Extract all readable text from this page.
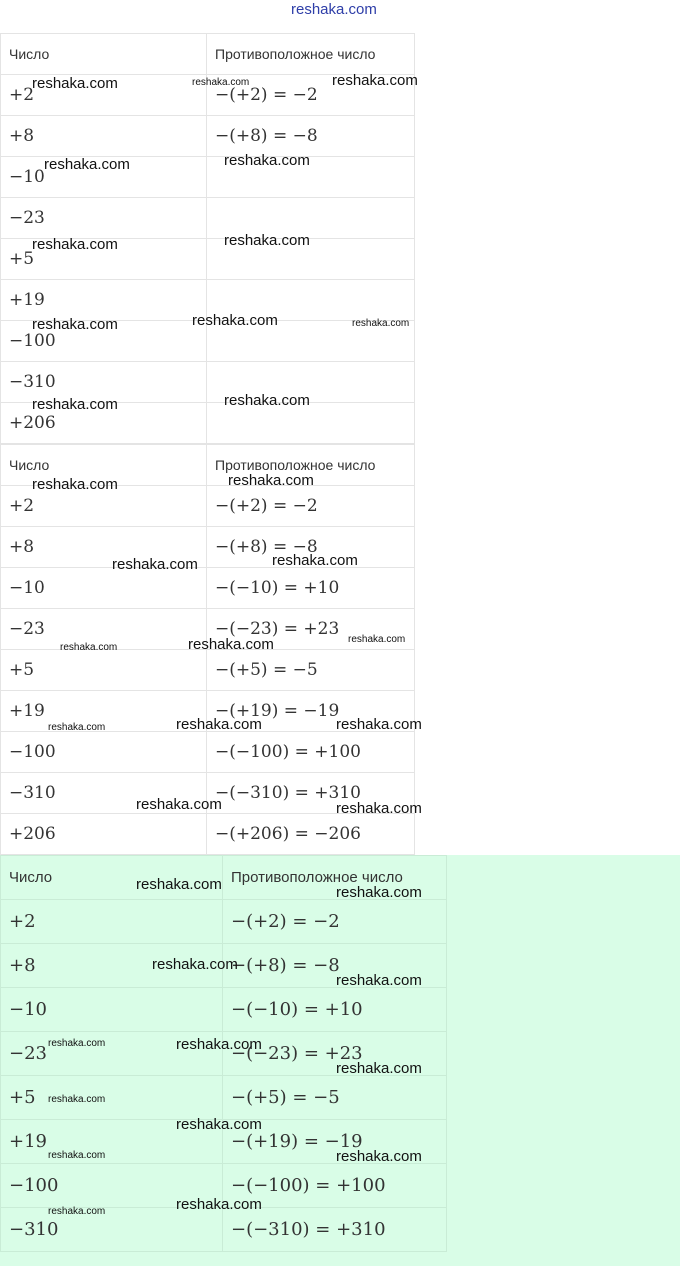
reshaka.com
Число	Противоположное число
+2	−(+2) = −2
+8	−(+8) = −8
−10	
−23	
+5	
+19	
−100	
−310	
+206	
Число	Противоположное число
+2	−(+2) = −2
+8	−(+8) = −8
−10	−(−10) = +10
−23	−(−23) = +23
+5	−(+5) = −5
+19	−(+19) = −19
−100	−(−100) = +100
−310	−(−310) = +310
+206	−(+206) = −206
Число	Противоположное число
+2	−(+2) = −2
+8	−(+8) = −8
−10	−(−10) = +10
−23	−(−23) = +23
+5	−(+5) = −5
+19	−(+19) = −19
−100	−(−100) = +100
−310	−(−310) = +310
reshaka.com	reshaka.com	reshaka.com
reshaka.com	reshaka.com
reshaka.com	reshaka.com
reshaka.com	reshaka.com	reshaka.com
reshaka.com	reshaka.com
reshaka.com	reshaka.com
reshaka.com	reshaka.com
reshaka.com	reshaka.com	reshaka.com
reshaka.com	reshaka.com	reshaka.com
reshaka.com	reshaka.com
reshaka.com	reshaka.com
reshaka.com
reshaka.com
reshaka.com	reshaka.com
reshaka.com
reshaka.com
reshaka.com
reshaka.com	reshaka.com
reshaka.com	reshaka.com
